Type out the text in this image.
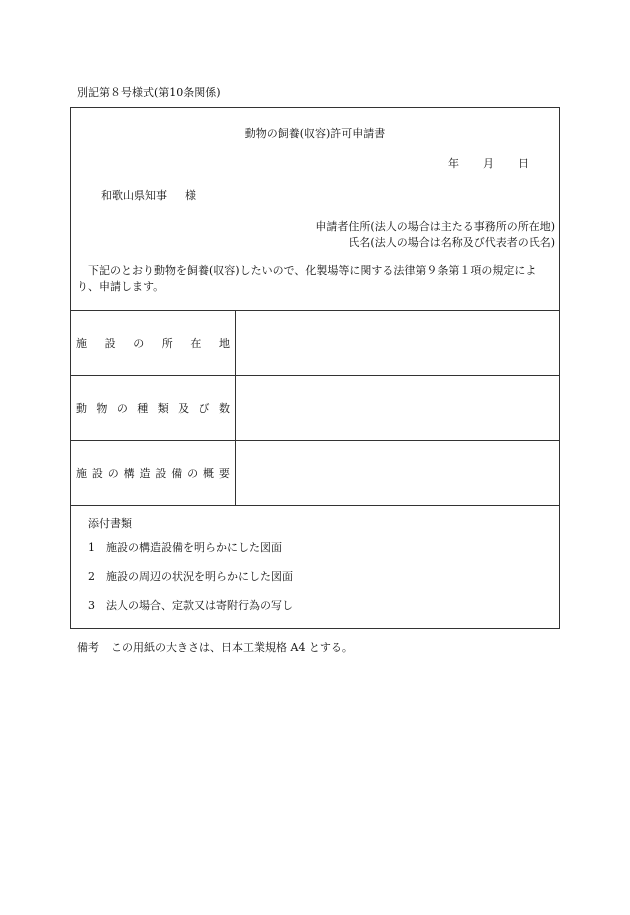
別記第８号様式(第10条関係)
動物の飼養(収容)許可申請書
年 月 日
和歌山県知事 様
申請者住所(法人の場合は主たる事務所の所在地)
氏名(法人の場合は名称及び代表者の氏名)
下記のとおり動物を飼養(収容)したいので、化製場等に関する法律第９条第１項の規定により、申請します。
施 設 の 所 在 地
動 物 の 種 類 及 び 数
施 設 の 構 造 設 備 の 概 要
添付書類
1 施設の構造設備を明らかにした図面
2 施設の周辺の状況を明らかにした図面
3 法人の場合、定款又は寄附行為の写し
備考 この用紙の大きさは、日本工業規格 A4 とする。
